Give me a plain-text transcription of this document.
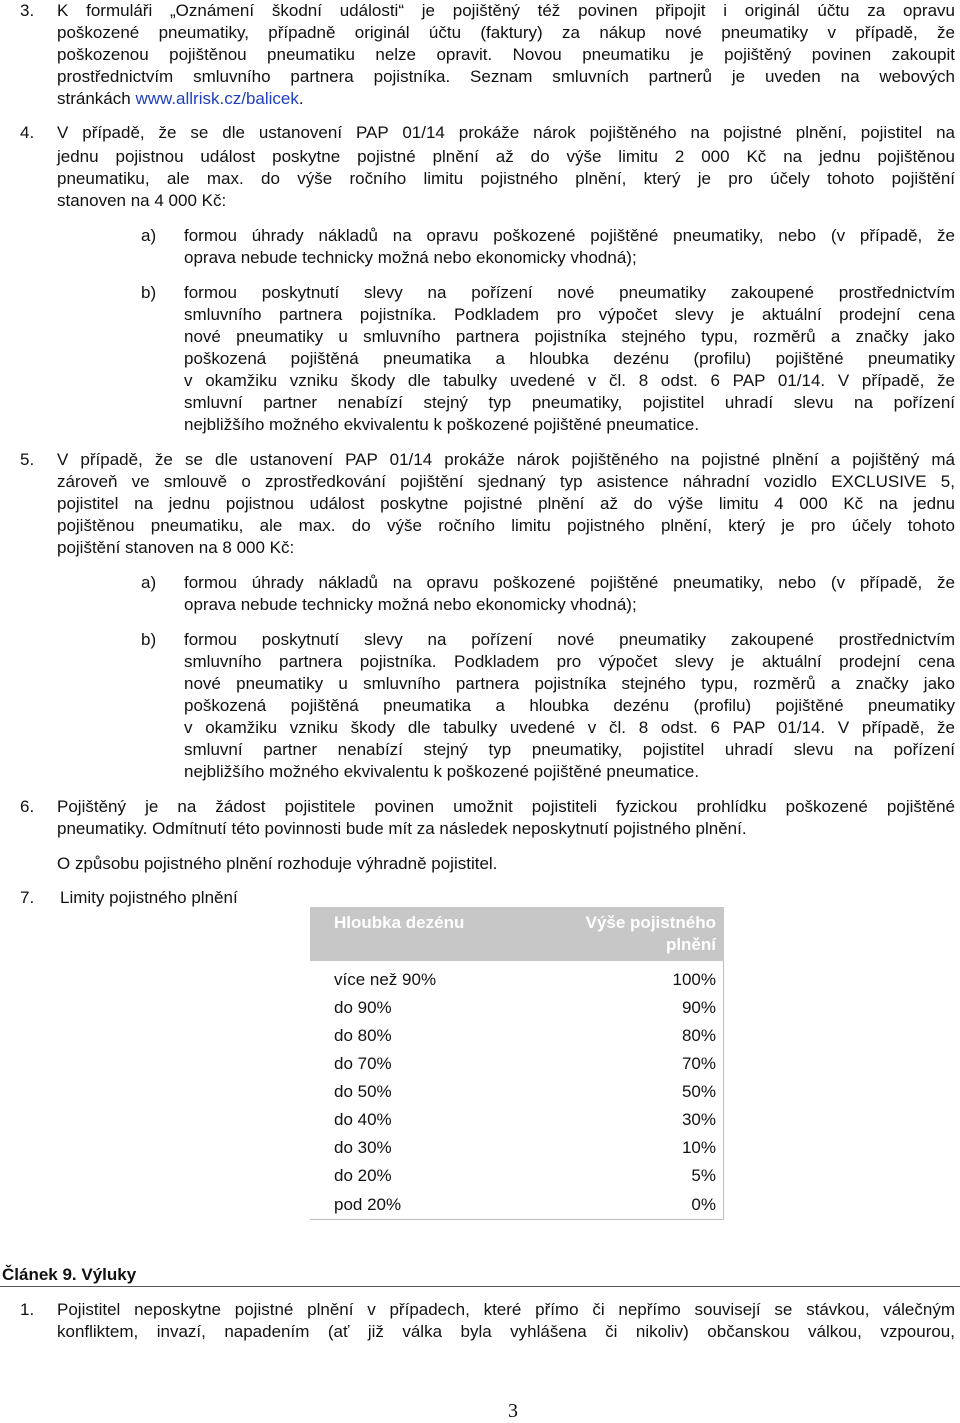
3. K formuláři „Oznámení škodní události“ je pojištěný též povinen připojit i originál účtu za opravu
poškozené pneumatiky, případně originál účtu (faktury) za nákup nové pneumatiky v případě, že
poškozenou pojištěnou pneumatiku nelze opravit. Novou pneumatiku je pojištěný povinen zakoupit
prostřednictvím smluvního partnera pojistníka. Seznam smluvních partnerů je uveden na webových
stránkách www.allrisk.cz/balicek.
4. V případě, že se dle ustanovení PAP 01/14 prokáže nárok pojištěného na pojistné plnění, pojistitel na
jednu pojistnou událost poskytne pojistné plnění až do výše limitu 2 000 Kč na jednu pojištěnou
pneumatiku, ale max. do výše ročního limitu pojistného plnění, který je pro účely tohoto pojištění
stanoven na 4 000 Kč:
a) formou úhrady nákladů na opravu poškozené pojištěné pneumatiky, nebo (v případě, že
oprava nebude technicky možná nebo ekonomicky vhodná);
b) formou poskytnutí slevy na pořízení nové pneumatiky zakoupené prostřednictvím
smluvního partnera pojistníka. Podkladem pro výpočet slevy je aktuální prodejní cena
nové pneumatiky u smluvního partnera pojistníka stejného typu, rozměrů a značky jako
poškozená pojištěná pneumatika a hloubka dezénu (profilu) pojištěné pneumatiky
v okamžiku vzniku škody dle tabulky uvedené v čl. 8 odst. 6 PAP 01/14. V případě, že
smluvní partner nenabízí stejný typ pneumatiky, pojistitel uhradí slevu na pořízení
nejbližšího možného ekvivalentu k poškozené pojištěné pneumatice.
5. V případě, že se dle ustanovení PAP 01/14 prokáže nárok pojištěného na pojistné plnění a pojištěný má
zároveň ve smlouvě o zprostředkování pojištění sjednaný typ asistence náhradní vozidlo EXCLUSIVE 5,
pojistitel na jednu pojistnou událost poskytne pojistné plnění až do výše limitu 4 000 Kč na jednu
pojištěnou pneumatiku, ale max. do výše ročního limitu pojistného plnění, který je pro účely tohoto
pojištění stanoven na 8 000 Kč:
a) formou úhrady nákladů na opravu poškozené pojištěné pneumatiky, nebo (v případě, že
oprava nebude technicky možná nebo ekonomicky vhodná);
b) formou poskytnutí slevy na pořízení nové pneumatiky zakoupené prostřednictvím
smluvního partnera pojistníka. Podkladem pro výpočet slevy je aktuální prodejní cena
nové pneumatiky u smluvního partnera pojistníka stejného typu, rozměrů a značky jako
poškozená pojištěná pneumatika a hloubka dezénu (profilu) pojištěné pneumatiky
v okamžiku vzniku škody dle tabulky uvedené v čl. 8 odst. 6 PAP 01/14. V případě, že
smluvní partner nenabízí stejný typ pneumatiky, pojistitel uhradí slevu na pořízení
nejbližšího možného ekvivalentu k poškozené pojištěné pneumatice.
6. Pojištěný je na žádost pojistitele povinen umožnit pojistiteli fyzickou prohlídku poškozené pojištěné
pneumatiky. Odmítnutí této povinnosti bude mít za následek neposkytnutí pojistného plnění.
O způsobu pojistného plnění rozhoduje výhradně pojistitel.
7. Limity pojistného plnění
Hloubka dezénu	Výše pojistného
plnění
více než 90%	100%
do 90%	90%
do 80%	80%
do 70%	70%
do 50%	50%
do 40%	30%
do 30%	10%
do 20%	5%
pod 20%	0%
Článek 9. Výluky
1. Pojistitel neposkytne pojistné plnění v případech, které přímo či nepřímo souvisejí se stávkou, válečným
konfliktem, invazí, napadením (ať již válka byla vyhlášena či nikoliv) občanskou válkou, vzpourou,
3
